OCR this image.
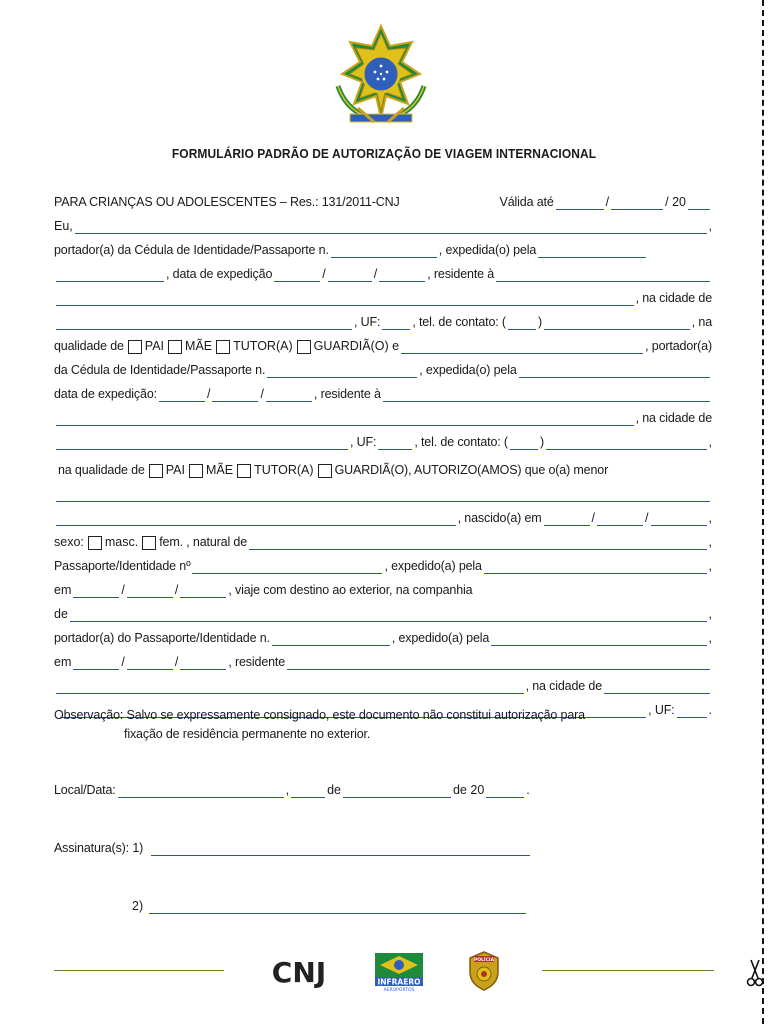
FORMULÁRIO PADRÃO DE AUTORIZAÇÃO DE VIAGEM INTERNACIONAL
PARA CRIANÇAS OU ADOLESCENTES – Res.: 131/2011-CNJ	Válida até	/	/ 20
Eu,	,
portador(a) da Cédula de Identidade/Passaporte n.	, expedida(o) pela
, data de expedição	/	/	, residente à
, na cidade de
, UF:	, tel. de contato: (	)	, na
qualidade de PAI MÃE TUTOR(A) GUARDIÃ(O) e	, portador(a)
da Cédula de Identidade/Passaporte n.	, expedida(o) pela
data de expedição:	/	/	, residente à
, na cidade de
, UF:	, tel. de contato: (	)	,
na qualidade de PAI MÃE TUTOR(A) GUARDIÃ(O), AUTORIZO(AMOS) que o(a) menor
, nascido(a) em	/	/	,
sexo: masc. fem. , natural de	,
Passaporte/Identidade nº	, expedido(a) pela	,
em	/	/	, viaje com destino ao exterior, na companhia
de	,
portador(a) do Passaporte/Identidade n.	, expedido(a) pela	,
em	/	/	, residente
, na cidade de
, UF:	.
Observação: Salvo se expressamente consignado, este documento não constitui autorização para
fixação de residência permanente no exterior.
Local/Data:	,	de	de 20	.
Assinatura(s): 1)
2)
CNJ	INFRAERO
AEROPORTOS
POLÍCIA
